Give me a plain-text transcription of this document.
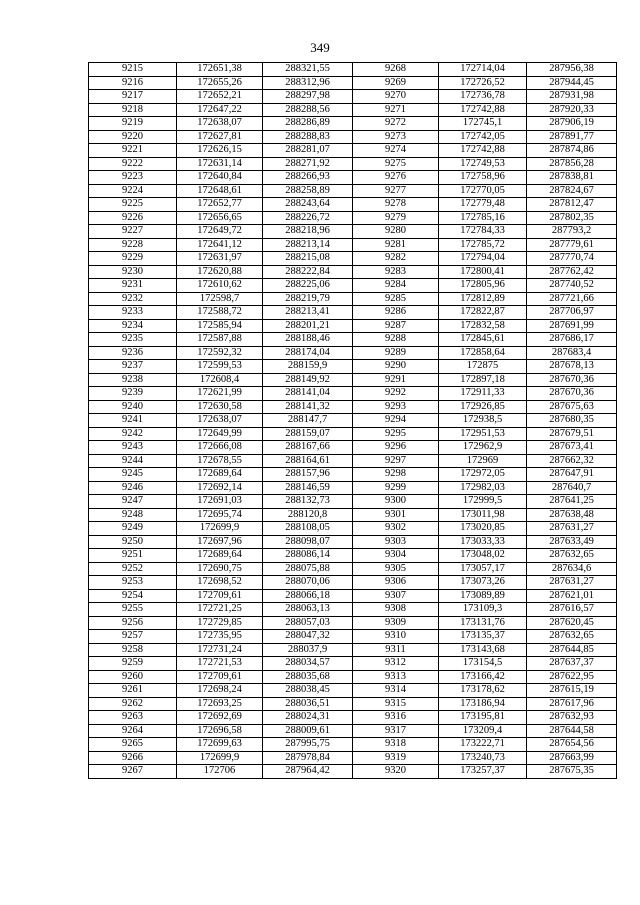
349
9215	172651,38	288321,55	9268	172714,04	287956,38
9216	172655,26	288312,96	9269	172726,52	287944,45
9217	172652,21	288297,98	9270	172736,78	287931,98
9218	172647,22	288288,56	9271	172742,88	287920,33
9219	172638,07	288286,89	9272	172745,1	287906,19
9220	172627,81	288288,83	9273	172742,05	287891,77
9221	172626,15	288281,07	9274	172742,88	287874,86
9222	172631,14	288271,92	9275	172749,53	287856,28
9223	172640,84	288266,93	9276	172758,96	287838,81
9224	172648,61	288258,89	9277	172770,05	287824,67
9225	172652,77	288243,64	9278	172779,48	287812,47
9226	172656,65	288226,72	9279	172785,16	287802,35
9227	172649,72	288218,96	9280	172784,33	287793,2
9228	172641,12	288213,14	9281	172785,72	287779,61
9229	172631,97	288215,08	9282	172794,04	287770,74
9230	172620,88	288222,84	9283	172800,41	287762,42
9231	172610,62	288225,06	9284	172805,96	287740,52
9232	172598,7	288219,79	9285	172812,89	287721,66
9233	172588,72	288213,41	9286	172822,87	287706,97
9234	172585,94	288201,21	9287	172832,58	287691,99
9235	172587,88	288188,46	9288	172845,61	287686,17
9236	172592,32	288174,04	9289	172858,64	287683,4
9237	172599,53	288159,9	9290	172875	287678,13
9238	172608,4	288149,92	9291	172897,18	287670,36
9239	172621,99	288141,04	9292	172911,33	287670,36
9240	172630,58	288141,32	9293	172926,85	287675,63
9241	172638,07	288147,7	9294	172938,5	287680,35
9242	172649,99	288159,07	9295	172951,53	287679,51
9243	172666,08	288167,66	9296	172962,9	287673,41
9244	172678,55	288164,61	9297	172969	287662,32
9245	172689,64	288157,96	9298	172972,05	287647,91
9246	172692,14	288146,59	9299	172982,03	287640,7
9247	172691,03	288132,73	9300	172999,5	287641,25
9248	172695,74	288120,8	9301	173011,98	287638,48
9249	172699,9	288108,05	9302	173020,85	287631,27
9250	172697,96	288098,07	9303	173033,33	287633,49
9251	172689,64	288086,14	9304	173048,02	287632,65
9252	172690,75	288075,88	9305	173057,17	287634,6
9253	172698,52	288070,06	9306	173073,26	287631,27
9254	172709,61	288066,18	9307	173089,89	287621,01
9255	172721,25	288063,13	9308	173109,3	287616,57
9256	172729,85	288057,03	9309	173131,76	287620,45
9257	172735,95	288047,32	9310	173135,37	287632,65
9258	172731,24	288037,9	9311	173143,68	287644,85
9259	172721,53	288034,57	9312	173154,5	287637,37
9260	172709,61	288035,68	9313	173166,42	287622,95
9261	172698,24	288038,45	9314	173178,62	287615,19
9262	172693,25	288036,51	9315	173186,94	287617,96
9263	172692,69	288024,31	9316	173195,81	287632,93
9264	172696,58	288009,61	9317	173209,4	287644,58
9265	172699,63	287995,75	9318	173222,71	287654,56
9266	172699,9	287978,84	9319	173240,73	287663,99
9267	172706	287964,42	9320	173257,37	287675,35
